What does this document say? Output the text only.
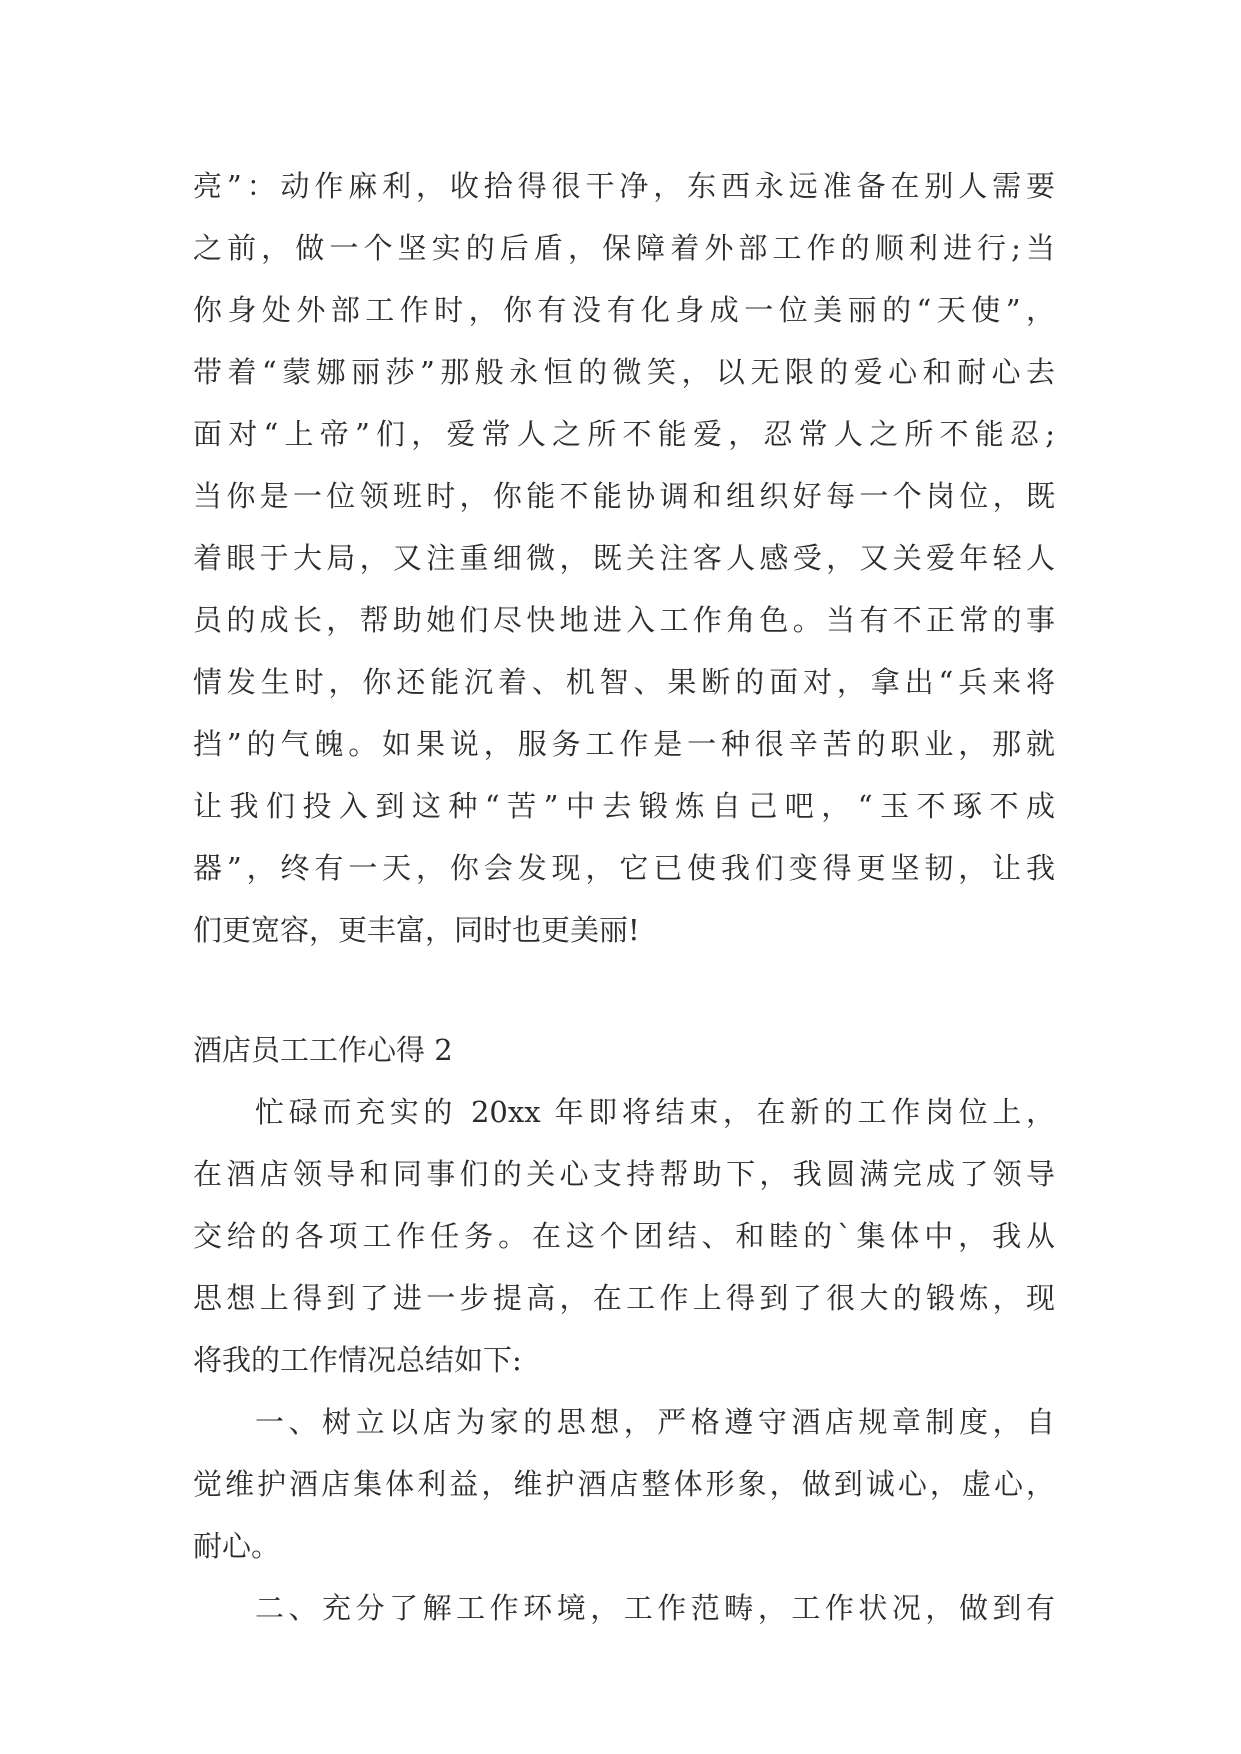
亮”：动作麻利，收拾得很干净，东西永远准备在别人需要
之前，做一个坚实的后盾，保障着外部工作的顺利进行;当
你身处外部工作时，你有没有化身成一位美丽的“天使”，
带着“蒙娜丽莎”那般永恒的微笑，以无限的爱心和耐心去
面对“上帝”们，爱常人之所不能爱，忍常人之所不能忍;
当你是一位领班时，你能不能协调和组织好每一个岗位，既
着眼于大局，又注重细微，既关注客人感受，又关爱年轻人
员的成长，帮助她们尽快地进入工作角色。当有不正常的事
情发生时，你还能沉着、机智、果断的面对，拿出“兵来将
挡”的气魄。如果说，服务工作是一种很辛苦的职业，那就
让我们投入到这种“苦”中去锻炼自己吧，“玉不琢不成
器”，终有一天，你会发现，它已使我们变得更坚韧，让我
们更宽容，更丰富，同时也更美丽!
酒店员工工作心得 2
忙碌而充实的 20xx 年即将结束，在新的工作岗位上，
在酒店领导和同事们的关心支持帮助下，我圆满完成了领导
交给的各项工作任务。在这个团结、和睦的`集体中，我从
思想上得到了进一步提高，在工作上得到了很大的锻炼，现
将我的工作情况总结如下:
一、树立以店为家的思想，严格遵守酒店规章制度，自
觉维护酒店集体利益，维护酒店整体形象，做到诚心，虚心，
耐心。
二、充分了解工作环境，工作范畴，工作状况，做到有
